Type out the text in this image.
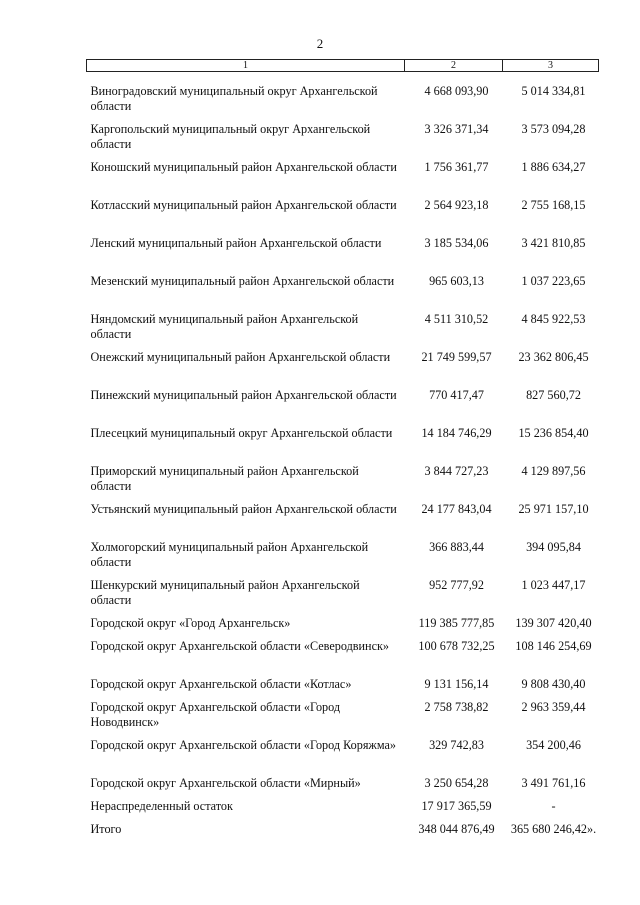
2
1	2	3
Виноградовский муниципальный округ Архангельской области	4 668 093,90	5 014 334,81
Каргопольский муниципальный округ Архангельской области	3 326 371,34	3 573 094,28
Коношский муниципальный район Архангельской области	1 756 361,77	1 886 634,27
Котласский муниципальный район Архангельской области	2 564 923,18	2 755 168,15
Ленский муниципальный район Архангельской области	3 185 534,06	3 421 810,85
Мезенский муниципальный район Архангельской области	965 603,13	1 037 223,65
Няндомский муниципальный район Архангельской области	4 511 310,52	4 845 922,53
Онежский муниципальный район Архангельской области	21 749 599,57	23 362 806,45
Пинежский муниципальный район Архангельской области	770 417,47	827 560,72
Плесецкий муниципальный округ Архангельской области	14 184 746,29	15 236 854,40
Приморский муниципальный район Архангельской области	3 844 727,23	4 129 897,56
Устьянский муниципальный район Архангельской области	24 177 843,04	25 971 157,10
Холмогорский муниципальный район Архангельской области	366 883,44	394 095,84
Шенкурский муниципальный район Архангельской области	952 777,92	1 023 447,17
Городской округ «Город Архангельск»	119 385 777,85	139 307 420,40
Городской округ Архангельской области «Северодвинск»	100 678 732,25	108 146 254,69
Городской округ Архангельской области «Котлас»	9 131 156,14	9 808 430,40
Городской округ Архангельской области «Город Новодвинск»	2 758 738,82	2 963 359,44
Городской округ Архангельской области «Город Коряжма»	329 742,83	354 200,46
Городской округ Архангельской области «Мирный»	3 250 654,28	3 491 761,16
Нераспределенный остаток	17 917 365,59	-
Итого	348 044 876,49	365 680 246,42».
